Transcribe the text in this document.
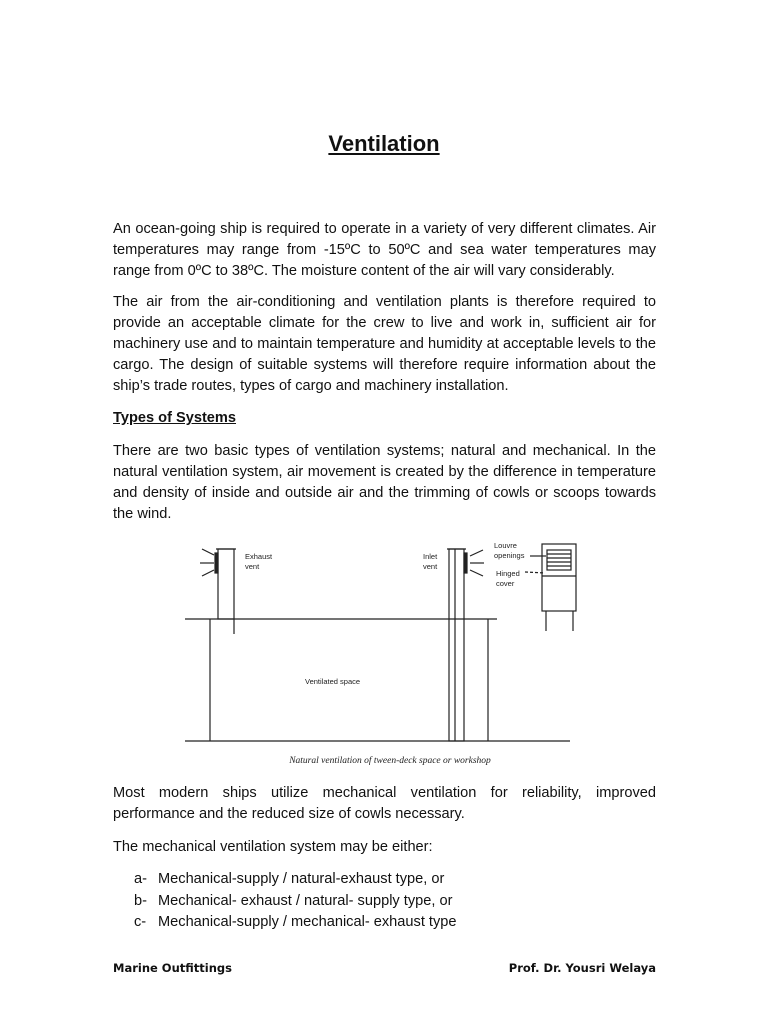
Ventilation

An ocean-going ship is required to operate in a variety of very different climates. Air temperatures may range from -15ºC to 50ºC and sea water temperatures may range from 0ºC to 38ºC. The moisture content of the air will vary considerably.

The air from the air-conditioning and ventilation plants is therefore required to provide an acceptable climate for the crew to live and work in, sufficient air for machinery use and to maintain temperature and humidity at acceptable levels to the cargo. The design of suitable systems will therefore require information about the ship’s trade routes, types of cargo and machinery installation.

Types of Systems

There are two basic types of ventilation systems; natural and mechanical. In the natural ventilation system, air movement is created by the difference in temperature and density of inside and outside air and the trimming of cowls or scoops towards the wind.

Exhaust
vent
Inlet
vent
Louvre
openings
Hinged
cover
Ventilated space
Natural ventilation of tween-deck space or workshop

Most modern ships utilize mechanical ventilation for reliability, improved performance and the reduced size of cowls necessary.

The mechanical ventilation system may be either:

a- Mechanical-supply / natural-exhaust type, or
b- Mechanical- exhaust / natural- supply type, or
c- Mechanical-supply / mechanical- exhaust type
Marine Outfittings	Prof. Dr. Yousri Welaya
